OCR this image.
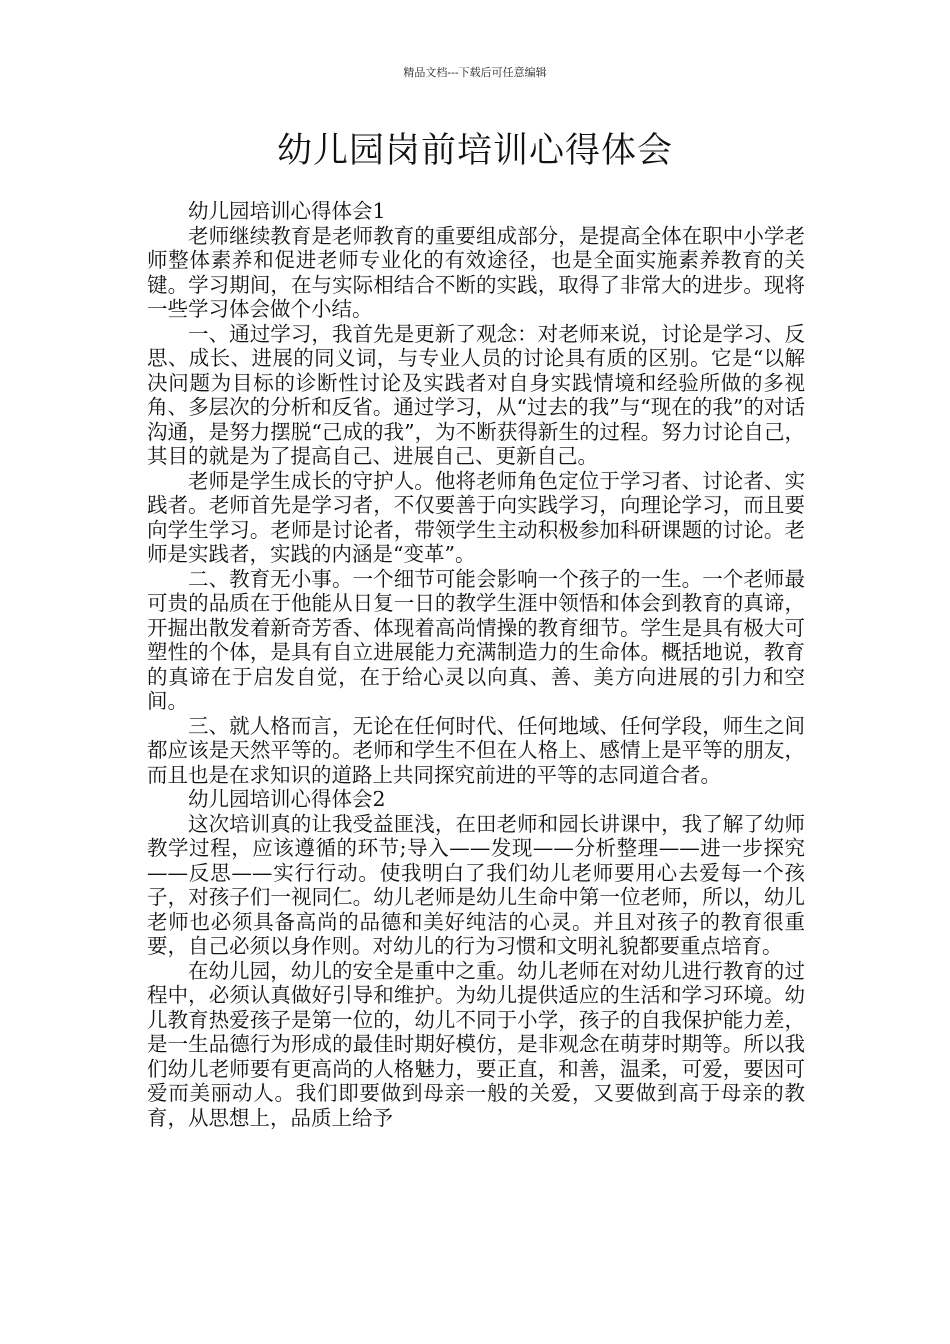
精品文档---下载后可任意编辑
幼儿园岗前培训心得体会

幼儿园培训心得体会1

老师继续教育是老师教育的重要组成部分，是提高全体在职中小学老师整体素养和促进老师专业化的有效途径，也是全面实施素养教育的关键。学习期间，在与实际相结合不断的实践，取得了非常大的进步。现将一些学习体会做个小结。

一、通过学习，我首先是更新了观念：对老师来说，讨论是学习、反思、成长、进展的同义词，与专业人员的讨论具有质的区别。它是“以解决问题为目标的诊断性讨论及实践者对自身实践情境和经验所做的多视角、多层次的分析和反省。通过学习，从“过去的我”与“现在的我”的对话沟通，是努力摆脱“己成的我”，为不断获得新生的过程。努力讨论自己，其目的就是为了提高自己、进展自己、更新自己。

老师是学生成长的守护人。他将老师角色定位于学习者、讨论者、实践者。老师首先是学习者，不仅要善于向实践学习，向理论学习，而且要向学生学习。老师是讨论者，带领学生主动积极参加科研课题的讨论。老师是实践者，实践的内涵是“变革”。

二、教育无小事。一个细节可能会影响一个孩子的一生。一个老师最可贵的品质在于他能从日复一日的教学生涯中领悟和体会到教育的真谛，开掘出散发着新奇芳香、体现着高尚情操的教育细节。学生是具有极大可塑性的个体，是具有自立进展能力充满制造力的生命体。概括地说，教育的真谛在于启发自觉，在于给心灵以向真、善、美方向进展的引力和空间。

三、就人格而言，无论在任何时代、任何地域、任何学段，师生之间都应该是天然平等的。老师和学生不但在人格上、感情上是平等的朋友，而且也是在求知识的道路上共同探究前进的平等的志同道合者。

幼儿园培训心得体会2

这次培训真的让我受益匪浅，在田老师和园长讲课中，我了解了幼师教学过程，应该遵循的环节;导入——发现——分析整理——进一步探究——反思——实行行动。使我明白了我们幼儿老师要用心去爱每一个孩子，对孩子们一视同仁。幼儿老师是幼儿生命中第一位老师，所以，幼儿老师也必须具备高尚的品德和美好纯洁的心灵。并且对孩子的教育很重要，自己必须以身作则。对幼儿的行为习惯和文明礼貌都要重点培育。

在幼儿园，幼儿的安全是重中之重。幼儿老师在对幼儿进行教育的过程中，必须认真做好引导和维护。为幼儿提供适应的生活和学习环境。幼儿教育热爱孩子是第一位的，幼儿不同于小学，孩子的自我保护能力差，是一生品德行为形成的最佳时期好模仿，是非观念在萌芽时期等。所以我们幼儿老师要有更高尚的人格魅力，要正直，和善，温柔，可爱，要因可爱而美丽动人。我们即要做到母亲一般的关爱，又要做到高于母亲的教育，从思想上，品质上给予
